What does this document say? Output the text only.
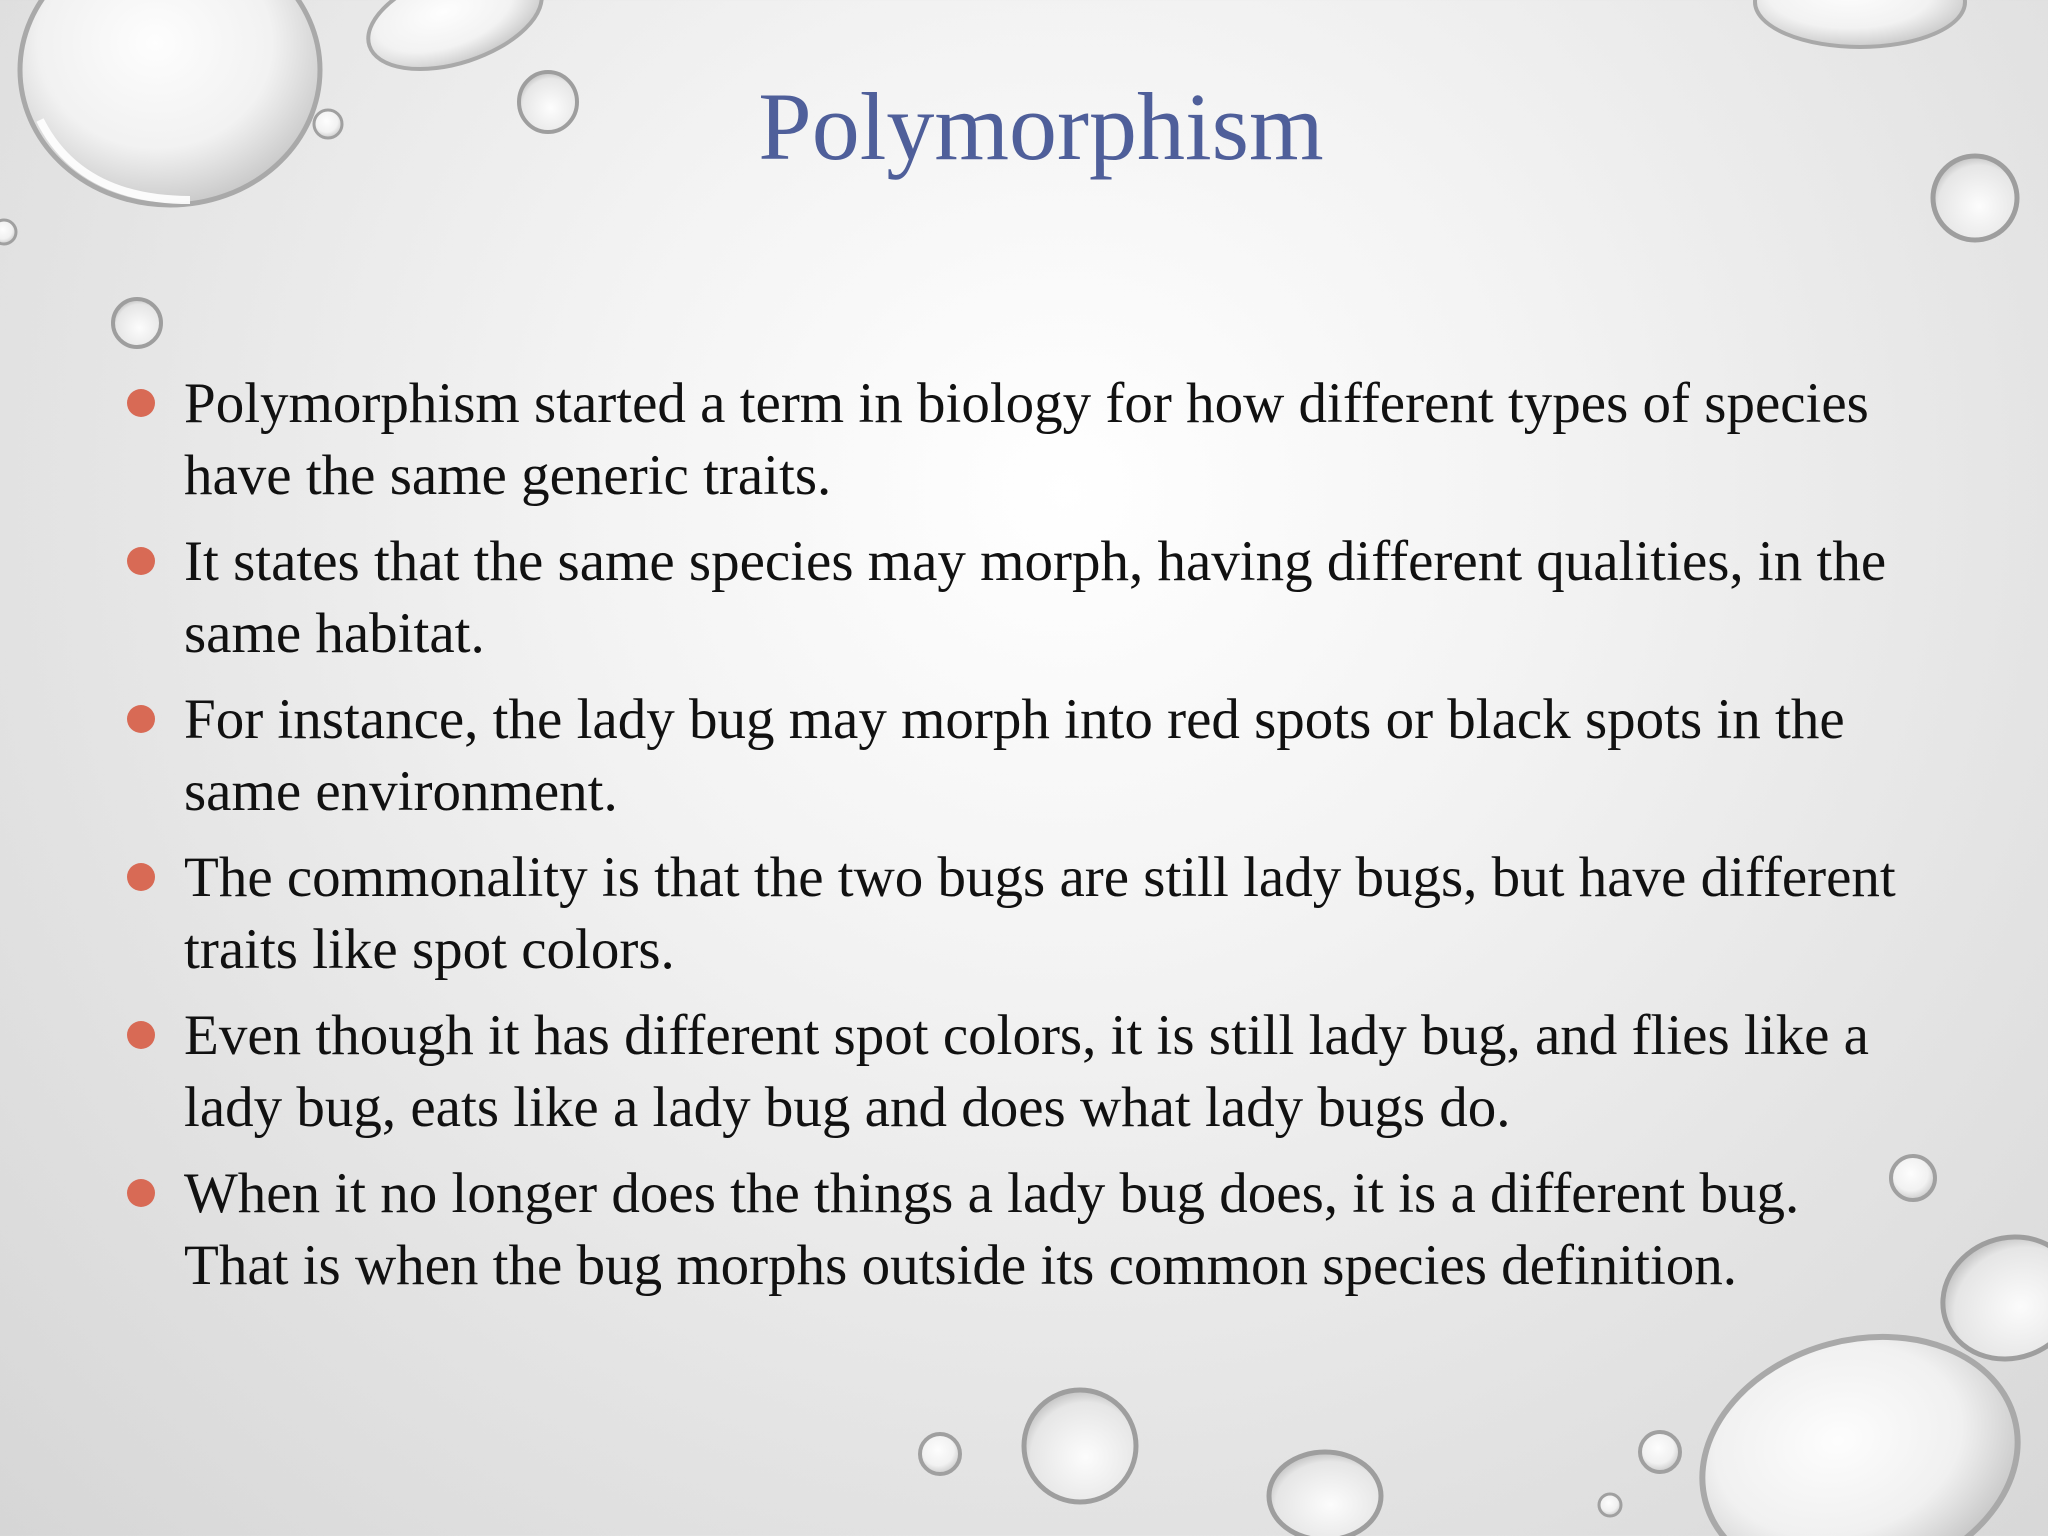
Polymorphism
Polymorphism started a term in biology for how different types of species have the same generic traits.
It states that the same species may morph, having different qualities, in the same habitat.
For instance, the lady bug may morph into red spots or black spots in the same environment.
The commonality is that the two bugs are still lady bugs, but have different traits like spot colors.
Even though it has different spot colors, it is still lady bug, and flies like a lady bug, eats like a lady bug and does what lady bugs do.
When it no longer does the things a lady bug does, it is a different bug. That is when the bug morphs outside its common species definition.
